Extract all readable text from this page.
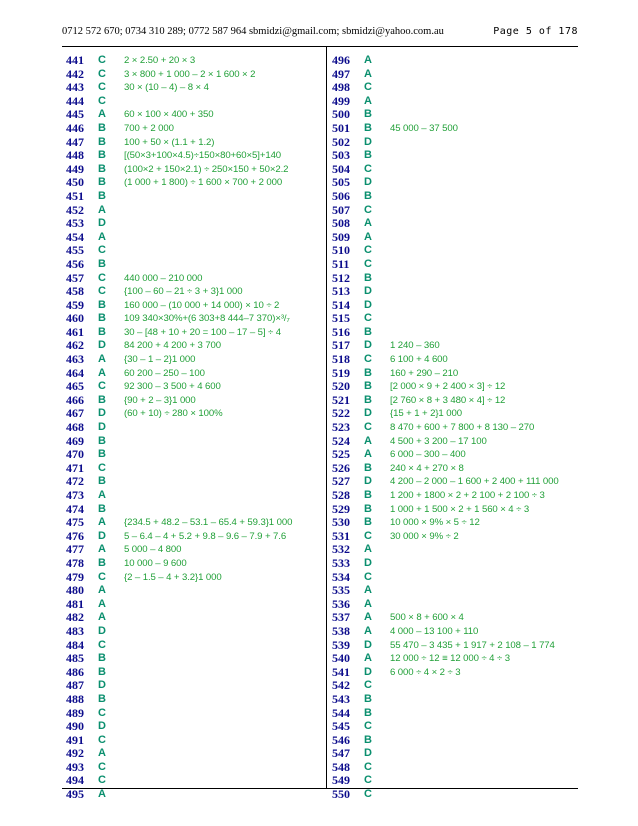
0712 572 670; 0734 310 289; 0772 587 964 sbmidzi@gmail.com; sbmidzi@yahoo.com.au	Page 5 of 178
441	C	2 × 2.50 + 20 × 3
442	C	3 × 800 + 1 000 – 2 × 1 600 × 2
443	C	30 × (10 – 4) – 8 × 4
444	C
445	A	60 × 100 × 400 + 350
446	B	700 + 2 000
447	B	100 + 50 × (1.1 + 1.2)
448	B	[(50×3+100×4.5)÷150×80+60×5]+140
449	B	(100×2 + 150×2.1) ÷ 250×150 + 50×2.2
450	B	(1 000 + 1 800) ÷ 1 600 × 700 + 2 000
451	B
452	A
453	D
454	A
455	C
456	B
457	C	440 000 – 210 000
458	C	{100 – 60 – 21 ÷ 3 + 3}1 000
459	B	160 000 – (10 000 + 14 000) × 10 ÷ 2
460	B	109 340×30%+(6 303+8 444–7 370)×³/₇
461	B	30 – [48 + 10 + 20 = 100 – 17 – 5] ÷ 4
462	D	84 200 + 4 200 + 3 700
463	A	{30 – 1 – 2}1 000
464	A	60 200 – 250 – 100
465	C	92 300 – 3 500 + 4 600
466	B	{90 + 2 – 3}1 000
467	D	(60 + 10) ÷ 280 × 100%
468	D
469	B
470	B
471	C
472	B
473	A
474	B
475	A	{234.5 + 48.2 – 53.1 – 65.4 + 59.3}1 000
476	D	5 – 6.4 – 4 + 5.2 + 9.8 – 9.6 – 7.9 + 7.6
477	A	5 000 – 4 800
478	B	10 000 – 9 600
479	C	{2 – 1.5 – 4 + 3.2}1 000
480	A
481	A
482	A
483	D
484	C
485	B
486	B
487	D
488	B
489	C
490	D
491	C
492	A
493	C
494	C
495	A
496	A
497	A
498	C
499	A
500	B
501	B	45 000 – 37 500
502	D
503	B
504	C
505	D
506	B
507	C
508	A
509	A
510	C
511	C
512	B
513	D
514	D
515	C
516	B
517	D	1 240 – 360
518	C	6 100 + 4 600
519	B	160 + 290 – 210
520	B	[2 000 × 9 + 2 400 × 3] ÷ 12
521	B	[2 760 × 8 + 3 480 × 4] ÷ 12
522	D	{15 + 1 + 2}1 000
523	C	8 470 + 600 + 7 800 + 8 130 – 270
524	A	4 500 + 3 200 – 17 100
525	A	6 000 – 300 – 400
526	B	240 × 4 + 270 × 8
527	D	4 200 – 2 000 – 1 600 + 2 400 + 111 000
528	B	1 200 + 1800 × 2 + 2 100 + 2 100 ÷ 3
529	B	1 000 + 1 500 × 2 + 1 560 × 4 ÷ 3
530	B	10 000 × 9% × 5 ÷ 12
531	C	30 000 × 9% ÷ 2
532	A
533	D
534	C
535	A
536	A
537	A	500 × 8 + 600 × 4
538	A	4 000 – 13 100 + 110
539	D	55 470 – 3 435 + 1 917 + 2 108 – 1 774
540	A	12 000 ÷ 12 ≡ 12 000 ÷ 4 ÷ 3
541	D	6 000 ÷ 4 × 2 ÷ 3
542	C
543	B
544	B
545	C
546	B
547	D
548	C
549	C
550	C
